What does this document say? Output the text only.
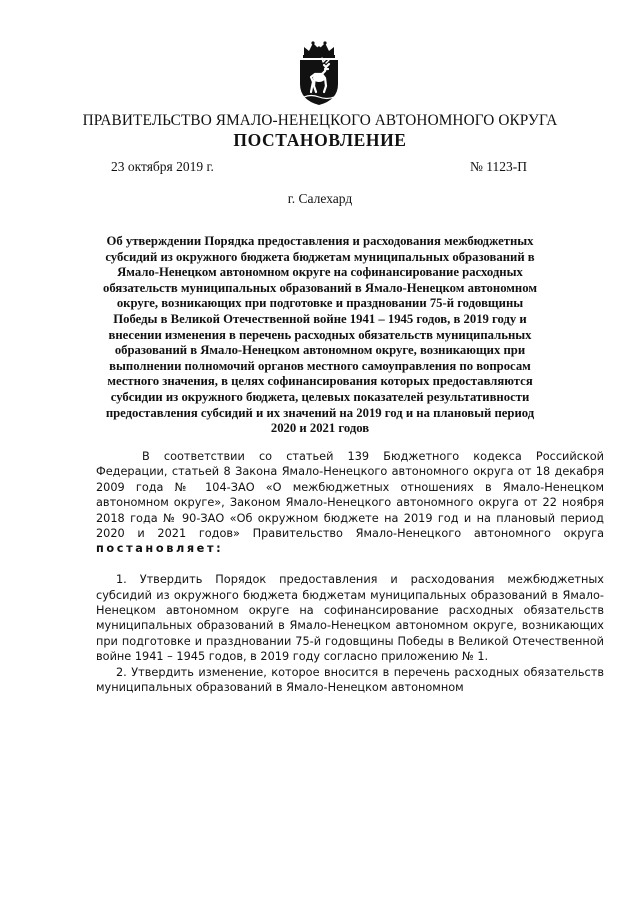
ПРАВИТЕЛЬСТВО ЯМАЛО-НЕНЕЦКОГО АВТОНОМНОГО ОКРУГА
ПОСТАНОВЛЕНИЕ
23 октября 2019 г.	№ 1123-П
г. Салехард
Об утверждении Порядка предоставления и расходования межбюджетных субсидий из окружного бюджета бюджетам муниципальных образований в Ямало-Ненецком автономном округе на софинансирование расходных обязательств муниципальных образований в Ямало-Ненецком автономном округе, возникающих при подготовке и праздновании 75-й годовщины Победы в Великой Отечественной войне 1941 – 1945 годов, в 2019 году и внесении изменения в перечень расходных обязательств муниципальных образований в Ямало-Ненецком автономном округе, возникающих при выполнении полномочий органов местного самоуправления по вопросам местного значения, в целях софинансирования которых предоставляются субсидии из окружного бюджета, целевых показателей результативности предоставления субсидий и их значений на 2019 год и на плановый период 2020 и 2021 годов

В соответствии со статьей 139 Бюджетного кодекса Российской Федерации, статьей 8 Закона Ямало-Ненецкого автономного округа от 18 декабря 2009 года № 104-ЗАО «О межбюджетных отношениях в Ямало-Ненецком автономном округе», Законом Ямало-Ненецкого автономного округа от 22 ноября 2018 года № 90-ЗАО «Об окружном бюджете на 2019 год и на плановый период 2020 и 2021 годов» Правительство Ямало-Ненецкого автономного округа постановляет:

1. Утвердить Порядок предоставления и расходования межбюджетных субсидий из окружного бюджета бюджетам муниципальных образований в Ямало-Ненецком автономном округе на софинансирование расходных обязательств муниципальных образований в Ямало-Ненецком автономном округе, возникающих при подготовке и праздновании 75-й годовщины Победы в Великой Отечественной войне 1941 – 1945 годов, в 2019 году согласно приложению № 1.

2. Утвердить изменение, которое вносится в перечень расходных обязательств муниципальных образований в Ямало-Ненецком автономном
